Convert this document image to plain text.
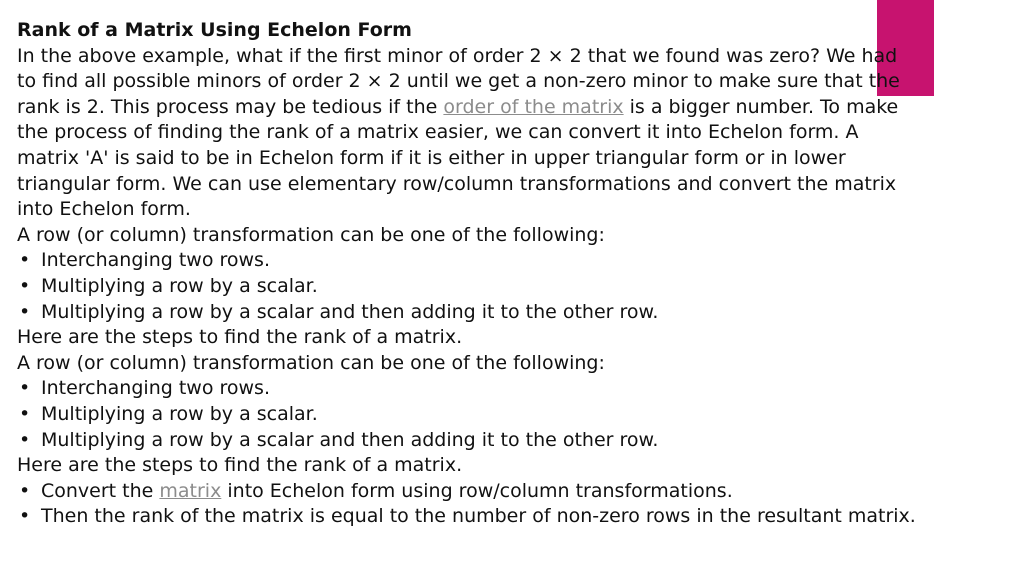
Rank of a Matrix Using Echelon Form

In the above example, what if the first minor of order 2 × 2 that we found was zero? We had to find all possible minors of order 2 × 2 until we get a non-zero minor to make sure that the rank is 2. This process may be tedious if the order of the matrix is a bigger number. To make the process of finding the rank of a matrix easier, we can convert it into Echelon form. A matrix 'A' is said to be in Echelon form if it is either in upper triangular form or in lower triangular form. We can use elementary row/column transformations and convert the matrix into Echelon form.

A row (or column) transformation can be one of the following:

• Interchanging two rows.
• Multiplying a row by a scalar.
• Multiplying a row by a scalar and then adding it to the other row.

Here are the steps to find the rank of a matrix.

A row (or column) transformation can be one of the following:

• Interchanging two rows.
• Multiplying a row by a scalar.
• Multiplying a row by a scalar and then adding it to the other row.

Here are the steps to find the rank of a matrix.

• Convert the matrix into Echelon form using row/column transformations.
• Then the rank of the matrix is equal to the number of non-zero rows in the resultant matrix.
